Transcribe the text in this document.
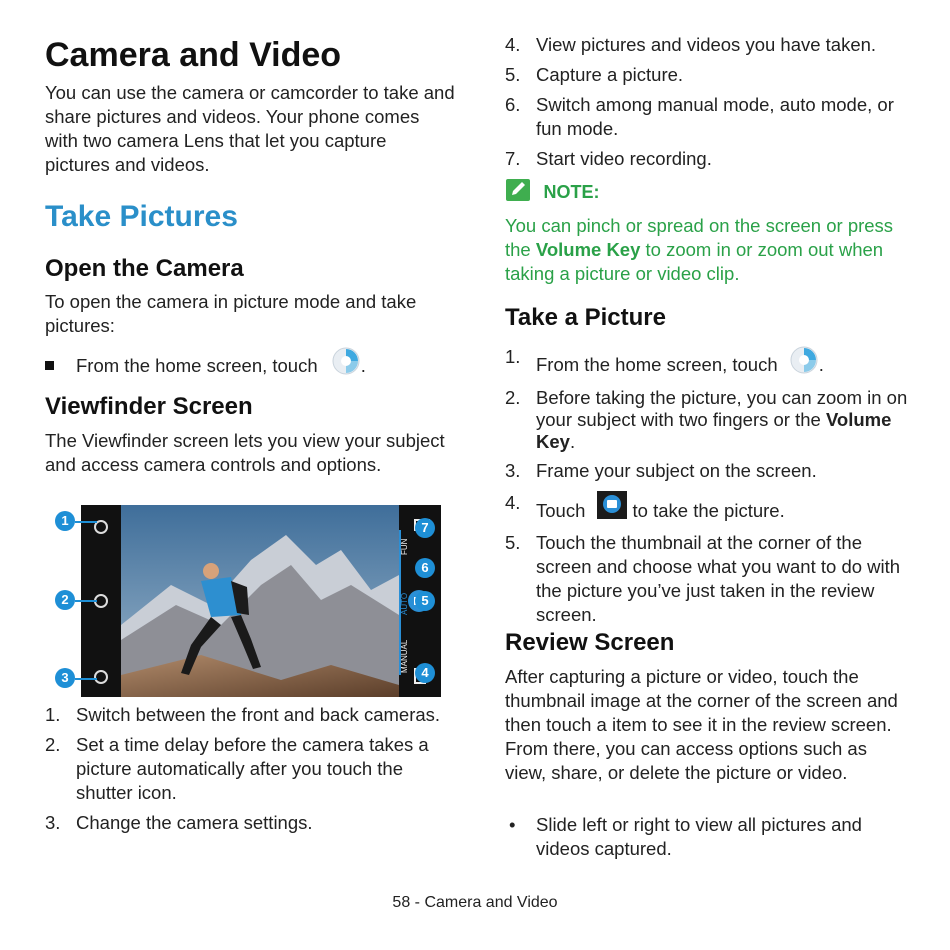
Camera and Video

You can use the camera or camcorder to take and share pictures and videos. Your phone comes with two camera Lens that let you capture pictures and videos.

Take Pictures
Open the Camera

To open the camera in picture mode and take pictures:

From the home screen, touch .
Viewfinder Screen

The Viewfinder screen lets you view your subject and access camera controls and options.

MANUAL
AUTO
FUN
1
2
3
7
6
5
4
1. Switch between the front and back cameras.
2. Set a time delay before the camera takes a picture automatically after you touch the shutter icon.
3. Change the camera settings.
4. View pictures and videos you have taken.
5. Capture a picture.
6. Switch among manual mode, auto mode, or fun mode.
7. Start video recording.
NOTE:

You can pinch or spread on the screen or press the Volume Key to zoom in or zoom out when taking a picture or video clip.

Take a Picture
1. From the home screen, touch .
2. Before taking the picture, you can zoom in on your subject with two fingers or the Volume Key.
3. Frame your subject on the screen.
4. Touch	to take the picture.
5. Touch the thumbnail at the corner of the screen and choose what you want to do with the picture you’ve just taken in the review screen.
Review Screen

After capturing a picture or video, touch the thumbnail image at the corner of the screen and then touch a item to see it in the review screen. From there, you can access options such as view, share, or delete the picture or video.

• Slide left or right to view all pictures and videos captured.
58 - Camera and Video
